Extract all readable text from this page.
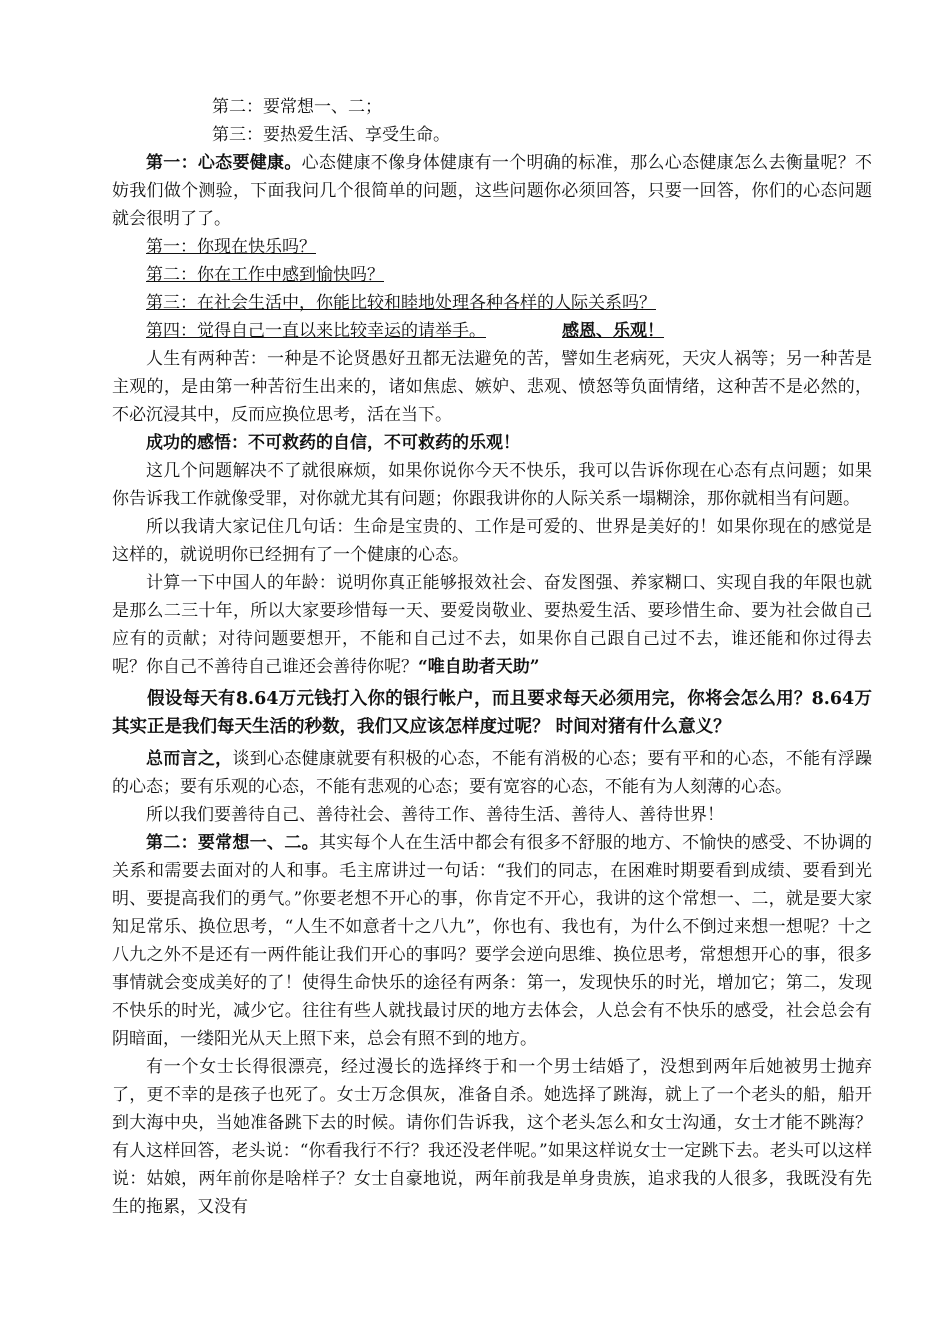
第二：要常想一、二；

第三：要热爱生活、享受生命。

第一：心态要健康。心态健康不像身体健康有一个明确的标准，那么心态健康怎么去衡量呢？不妨我们做个测验，下面我问几个很简单的问题，这些问题你必须回答，只要一回答，你们的心态问题就会很明了了。

第一：你现在快乐吗？

第二：你在工作中感到愉快吗？

第三：在社会生活中，你能比较和睦地处理各种各样的人际关系吗？

第四：觉得自己一直以来比较幸运的请举手。	感恩、乐观！

人生有两种苦：一种是不论贤愚好丑都无法避免的苦，譬如生老病死，天灾人祸等；另一种苦是主观的，是由第一种苦衍生出来的，诸如焦虑、嫉妒、悲观、愤怒等负面情绪，这种苦不是必然的，不必沉浸其中，反而应换位思考，活在当下。

成功的感悟：不可救药的自信，不可救药的乐观！

这几个问题解决不了就很麻烦，如果你说你今天不快乐，我可以告诉你现在心态有点问题；如果你告诉我工作就像受罪，对你就尤其有问题；你跟我讲你的人际关系一塌糊涂，那你就相当有问题。

所以我请大家记住几句话：生命是宝贵的、工作是可爱的、世界是美好的！如果你现在的感觉是这样的，就说明你已经拥有了一个健康的心态。

计算一下中国人的年龄：说明你真正能够报效社会、奋发图强、养家糊口、实现自我的年限也就是那么二三十年，所以大家要珍惜每一天、要爱岗敬业、要热爱生活、要珍惜生命、要为社会做自己应有的贡献；对待问题要想开，不能和自己过不去，如果你自己跟自己过不去，谁还能和你过得去呢？你自己不善待自己谁还会善待你呢？“唯自助者天助”

假设每天有8.64万元钱打入你的银行帐户，而且要求每天必须用完，你将会怎么用？8.64万其实正是我们每天生活的秒数，我们又应该怎样度过呢？ 时间对猪有什么意义？

总而言之，谈到心态健康就要有积极的心态，不能有消极的心态；要有平和的心态，不能有浮躁的心态；要有乐观的心态，不能有悲观的心态；要有宽容的心态，不能有为人刻薄的心态。

所以我们要善待自己、善待社会、善待工作、善待生活、善待人、善待世界！

第二：要常想一、二。其实每个人在生活中都会有很多不舒服的地方、不愉快的感受、不协调的关系和需要去面对的人和事。毛主席讲过一句话：“我们的同志，在困难时期要看到成绩、要看到光明、要提高我们的勇气。”你要老想不开心的事，你肯定不开心，我讲的这个常想一、二，就是要大家知足常乐、换位思考，“人生不如意者十之八九”，你也有、我也有，为什么不倒过来想一想呢？十之八九之外不是还有一两件能让我们开心的事吗？要学会逆向思维、换位思考，常想想开心的事，很多事情就会变成美好的了！使得生命快乐的途径有两条：第一，发现快乐的时光，增加它；第二，发现不快乐的时光，减少它。往往有些人就找最讨厌的地方去体会，人总会有不快乐的感受，社会总会有阴暗面，一缕阳光从天上照下来，总会有照不到的地方。

有一个女士长得很漂亮，经过漫长的选择终于和一个男士结婚了，没想到两年后她被男士抛弃了，更不幸的是孩子也死了。女士万念俱灰，准备自杀。她选择了跳海，就上了一个老头的船，船开到大海中央，当她准备跳下去的时候。请你们告诉我，这个老头怎么和女士沟通，女士才能不跳海？有人这样回答，老头说：“你看我行不行？我还没老伴呢。”如果这样说女士一定跳下去。老头可以这样说：姑娘，两年前你是啥样子？女士自豪地说，两年前我是单身贵族，追求我的人很多，我既没有先生的拖累，又没有
